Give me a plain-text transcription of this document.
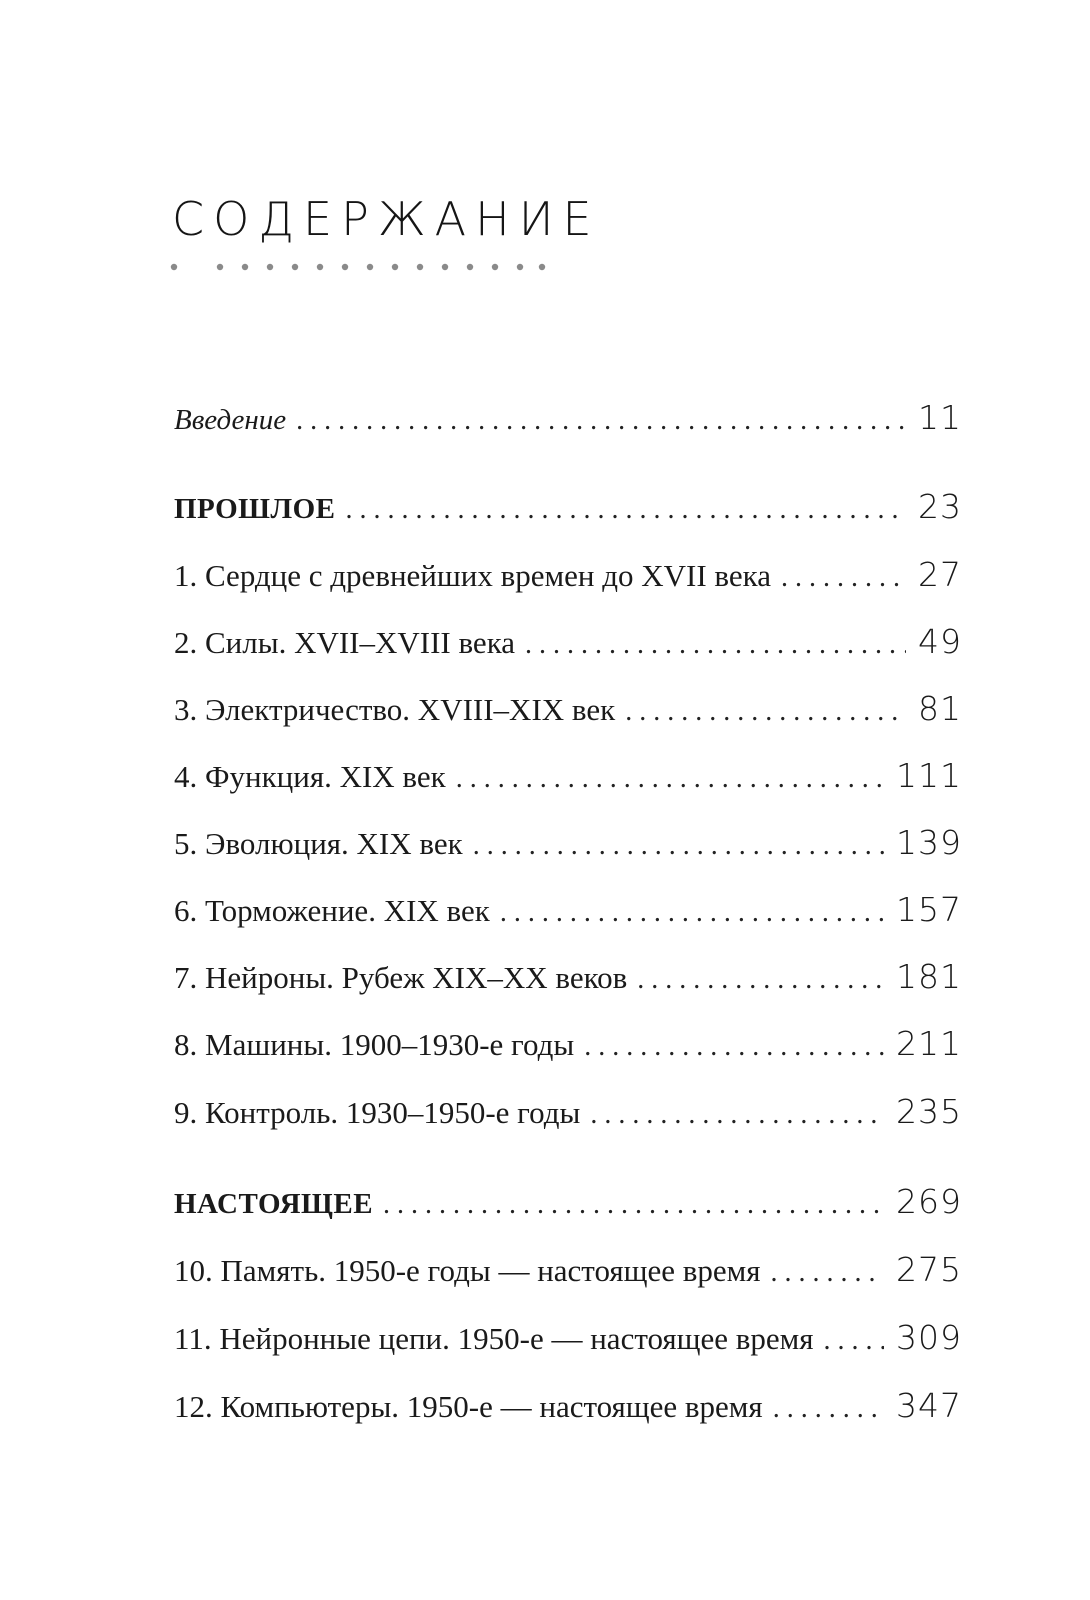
СОДЕРЖАНИЕ
Введение . . .	11
ПРОШЛОЕ . . .	23
1. Сердце с древнейших времен до XVII века . . .	27
2. Силы. XVII–XVIII века . . .	49
3. Электричество. XVIII–XIX век . . .	81
4. Функция. XIX век . . .	111
5. Эволюция. XIX век . . .	139
6. Торможение. XIX век . . .	157
7. Нейроны. Рубеж XIX–XX веков . . .	181
8. Машины. 1900–1930-е годы . . .	211
9. Контроль. 1930–1950-е годы . . .	235
НАСТОЯЩЕЕ . . .	269
10. Память. 1950-е годы — настоящее время . . .	275
11. Нейронные цепи. 1950-е — настоящее время . . . 309
12. Компьютеры. 1950-е — настоящее время . . .	347
